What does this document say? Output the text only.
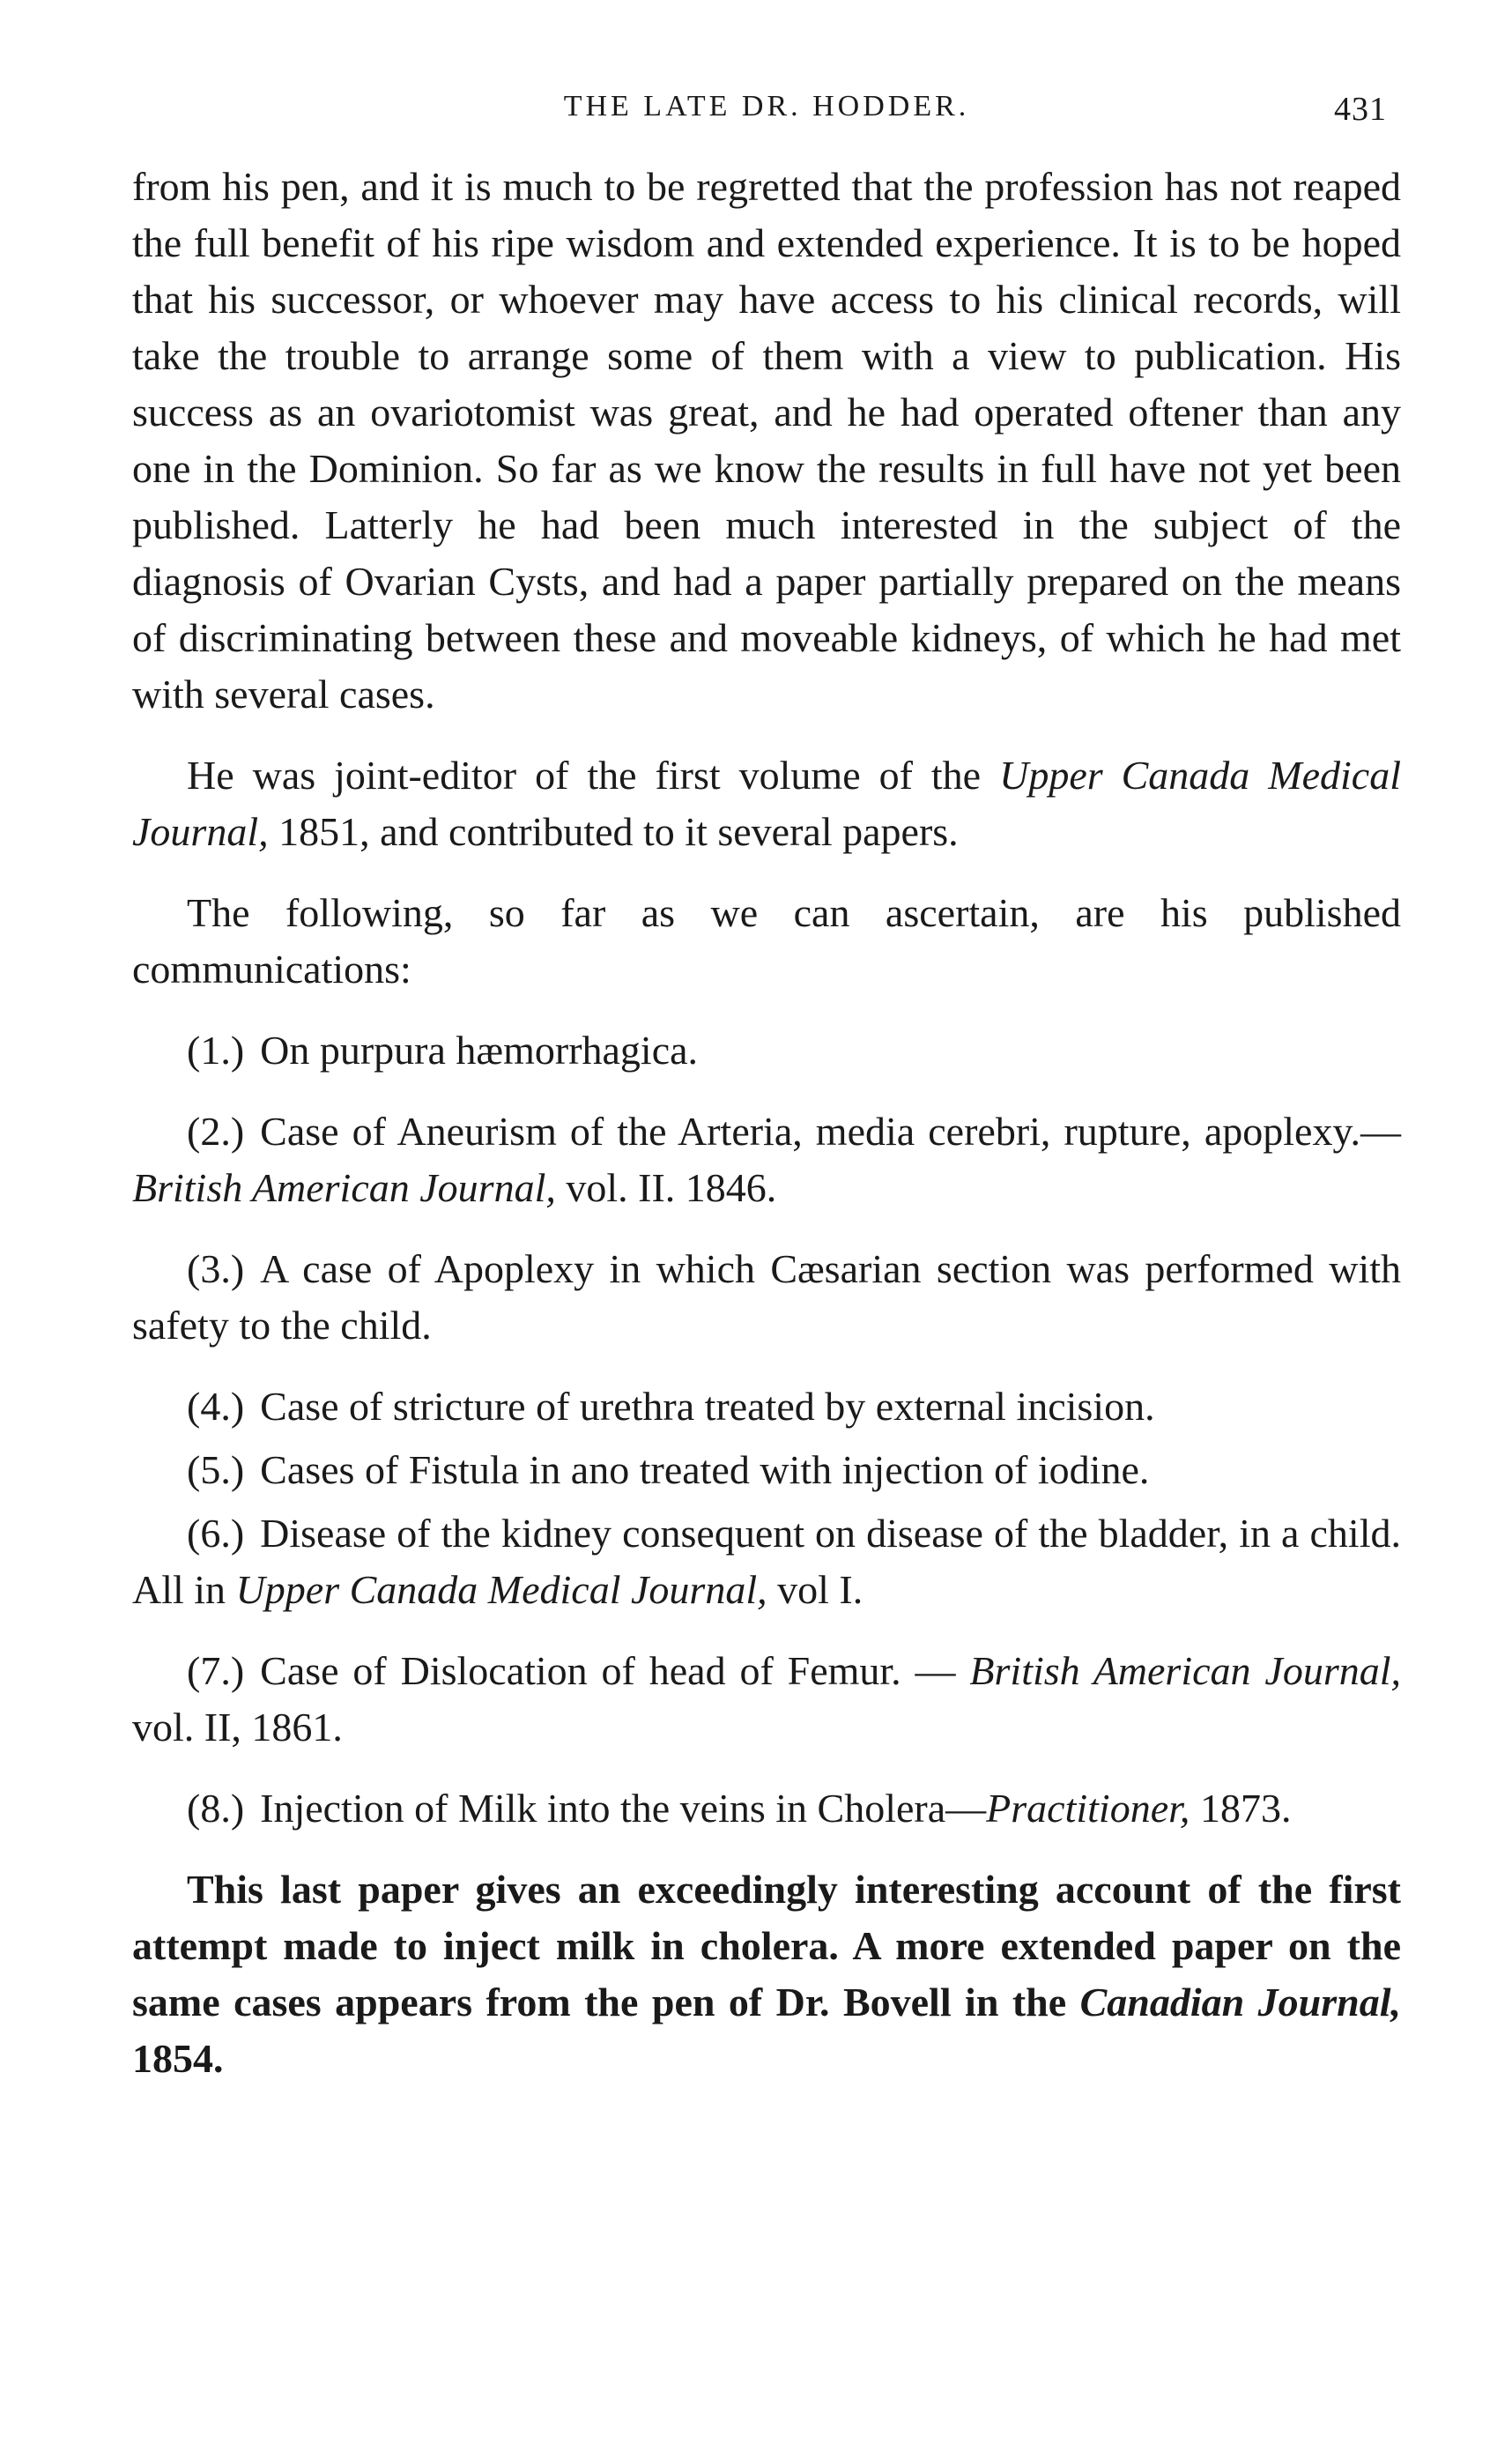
THE LATE DR. HODDER.	431

from his pen, and it is much to be regretted that the profession has not reaped the full benefit of his ripe wisdom and extended experience. It is to be hoped that his successor, or whoever may have access to his clinical records, will take the trouble to arrange some of them with a view to publication. His success as an ovariotomist was great, and he had operated oftener than any one in the Dominion. So far as we know the results in full have not yet been published. Latterly he had been much interested in the subject of the diagnosis of Ovarian Cysts, and had a paper partially prepared on the means of discriminating between these and moveable kidneys, of which he had met with several cases.

He was joint-editor of the first volume of the Upper Canada Medical Journal, 1851, and contributed to it several papers.

The following, so far as we can ascertain, are his published communications:

(1.) On purpura hæmorrhagica.

(2.) Case of Aneurism of the Arteria, media cerebri, rupture, apoplexy.—British American Journal, vol. II. 1846.

(3.) A case of Apoplexy in which Cæsarian section was performed with safety to the child.

(4.) Case of stricture of urethra treated by external incision.

(5.) Cases of Fistula in ano treated with injection of iodine.

(6.) Disease of the kidney consequent on disease of the bladder, in a child. All in Upper Canada Medical Journal, vol I.

(7.) Case of Dislocation of head of Femur. — British American Journal, vol. II, 1861.

(8.) Injection of Milk into the veins in Cholera—Practitioner, 1873.

This last paper gives an exceedingly interesting account of the first attempt made to inject milk in cholera. A more extended paper on the same cases appears from the pen of Dr. Bovell in the Canadian Journal, 1854.
